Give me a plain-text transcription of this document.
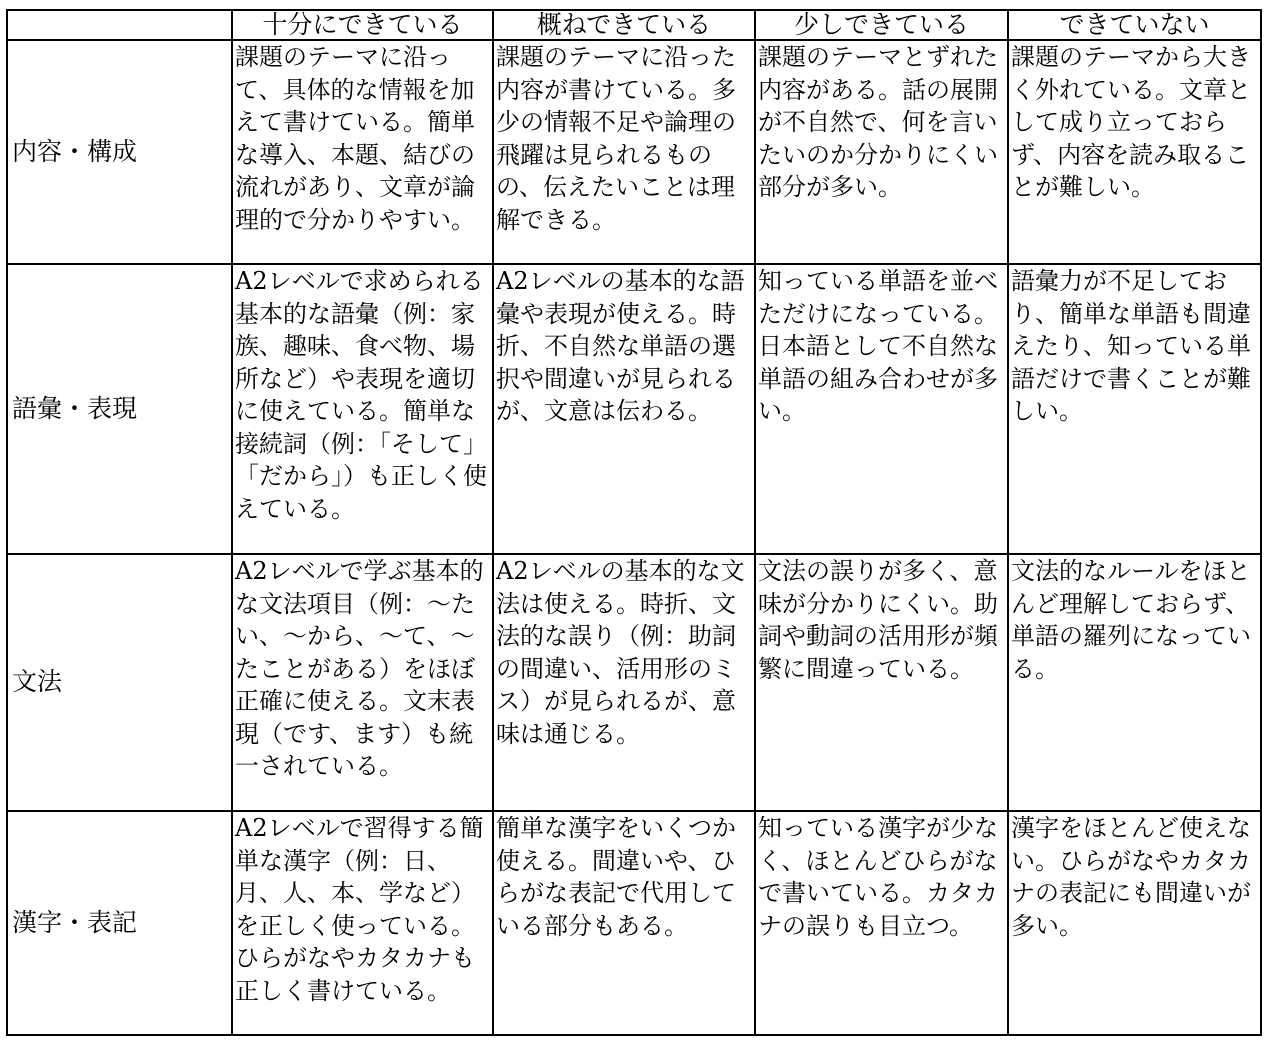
	十分にできている	概ねできている	少しできている	できていない
内容・構成	課題のテーマに沿って、具体的な情報を加えて書けている。簡単な導入、本題、結びの流れがあり、文章が論理的で分かりやすい。	課題のテーマに沿った内容が書けている。多少の情報不足や論理の飛躍は見られるものの、伝えたいことは理解できる。	課題のテーマとずれた内容がある。話の展開が不自然で、何を言いたいのか分かりにくい部分が多い。	課題のテーマから大きく外れている。文章として成り立っておらず、内容を読み取ることが難しい。
語彙・表現	A2レベルで求められる基本的な語彙（例：家族、趣味、食べ物、場所など）や表現を適切に使えている。簡単な接続詞（例：「そして」「だから」）も正しく使えている。	A2レベルの基本的な語彙や表現が使える。時折、不自然な単語の選択や間違いが見られるが、文意は伝わる。	知っている単語を並べただけになっている。日本語として不自然な単語の組み合わせが多い。	語彙力が不足しており、簡単な単語も間違えたり、知っている単語だけで書くことが難しい。
文法	A2レベルで学ぶ基本的な文法項目（例：～たい、～から、～て、～たことがある）をほぼ正確に使える。文末表現（です、ます）も統一されている。	A2レベルの基本的な文法は使える。時折、文法的な誤り（例：助詞の間違い、活用形のミス）が見られるが、意味は通じる。	文法の誤りが多く、意味が分かりにくい。助詞や動詞の活用形が頻繁に間違っている。	文法的なルールをほとんど理解しておらず、単語の羅列になっている。
漢字・表記	A2レベルで習得する簡単な漢字（例：日、月、人、本、学など）を正しく使っている。ひらがなやカタカナも正しく書けている。	簡単な漢字をいくつか使える。間違いや、ひらがな表記で代用している部分もある。	知っている漢字が少なく、ほとんどひらがなで書いている。カタカナの誤りも目立つ。	漢字をほとんど使えない。ひらがなやカタカナの表記にも間違いが多い。
